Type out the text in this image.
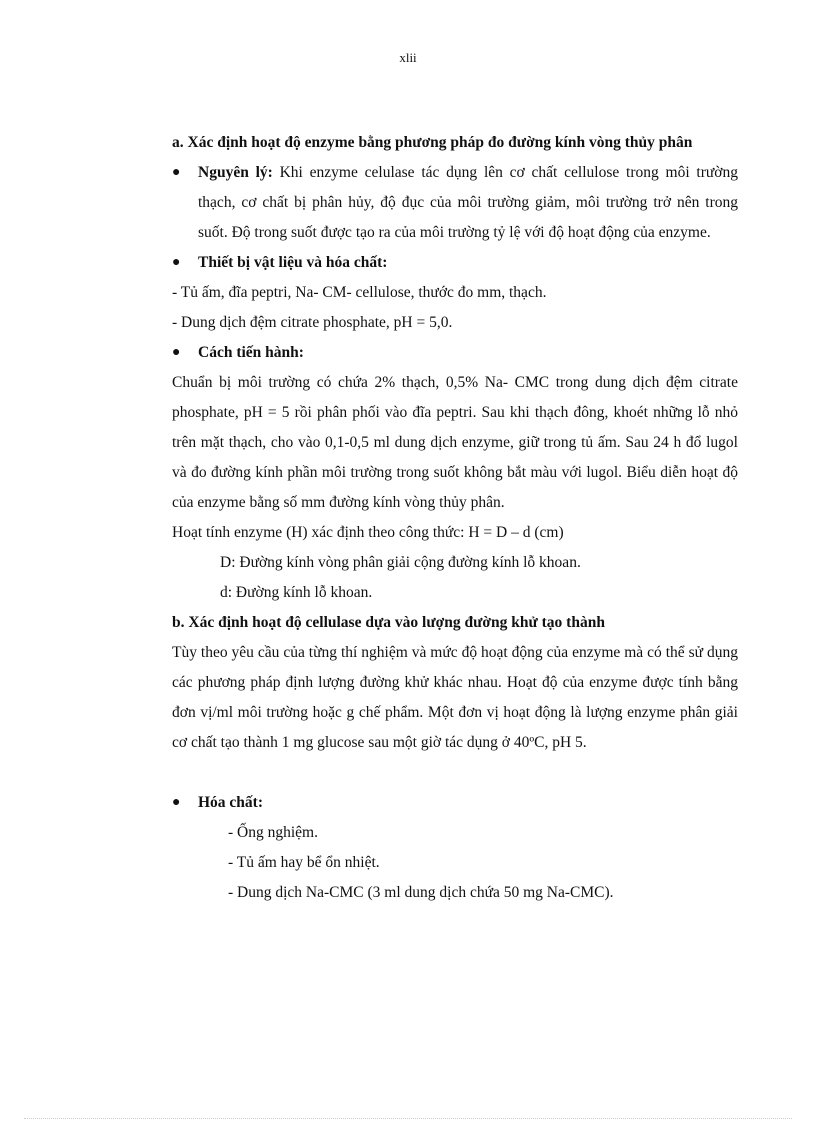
xlii

a. Xác định hoạt độ enzyme bằng phương pháp đo đường kính vòng thủy phân

● Nguyên lý: Khi enzyme celulase tác dụng lên cơ chất cellulose trong môi trường thạch, cơ chất bị phân hủy, độ đục của môi trường giảm, môi trường trở nên trong suốt. Độ trong suốt được tạo ra của môi trường tỷ lệ với độ hoạt động của enzyme.

● Thiết bị vật liệu và hóa chất:

- Tủ ấm, đĩa peptri, Na- CM- cellulose, thước đo mm, thạch.

- Dung dịch đệm citrate phosphate, pH = 5,0.

● Cách tiến hành:

Chuẩn bị môi trường có chứa 2% thạch, 0,5% Na- CMC trong dung dịch đệm citrate phosphate, pH = 5 rồi phân phối vào đĩa peptri. Sau khi thạch đông, khoét những lỗ nhỏ trên mặt thạch, cho vào 0,1-0,5 ml dung dịch enzyme, giữ trong tủ ấm. Sau 24 h đổ lugol và đo đường kính phần môi trường trong suốt không bắt màu với lugol. Biểu diễn hoạt độ của enzyme bằng số mm đường kính vòng thủy phân.

Hoạt tính enzyme (H) xác định theo công thức: H = D – d (cm)

D: Đường kính vòng phân giải cộng đường kính lỗ khoan.

d: Đường kính lỗ khoan.

b. Xác định hoạt độ cellulase dựa vào lượng đường khử tạo thành

Tùy theo yêu cầu của từng thí nghiệm và mức độ hoạt động của enzyme mà có thể sử dụng các phương pháp định lượng đường khử khác nhau. Hoạt độ của enzyme được tính bằng đơn vị/ml môi trường hoặc g chế phẩm. Một đơn vị hoạt động là lượng enzyme phân giải cơ chất tạo thành 1 mg glucose sau một giờ tác dụng ở 40ºC, pH 5.

● Hóa chất:

- Ống nghiệm.

- Tủ ấm hay bể ổn nhiệt.

- Dung dịch Na-CMC (3 ml dung dịch chứa 50 mg Na-CMC).
